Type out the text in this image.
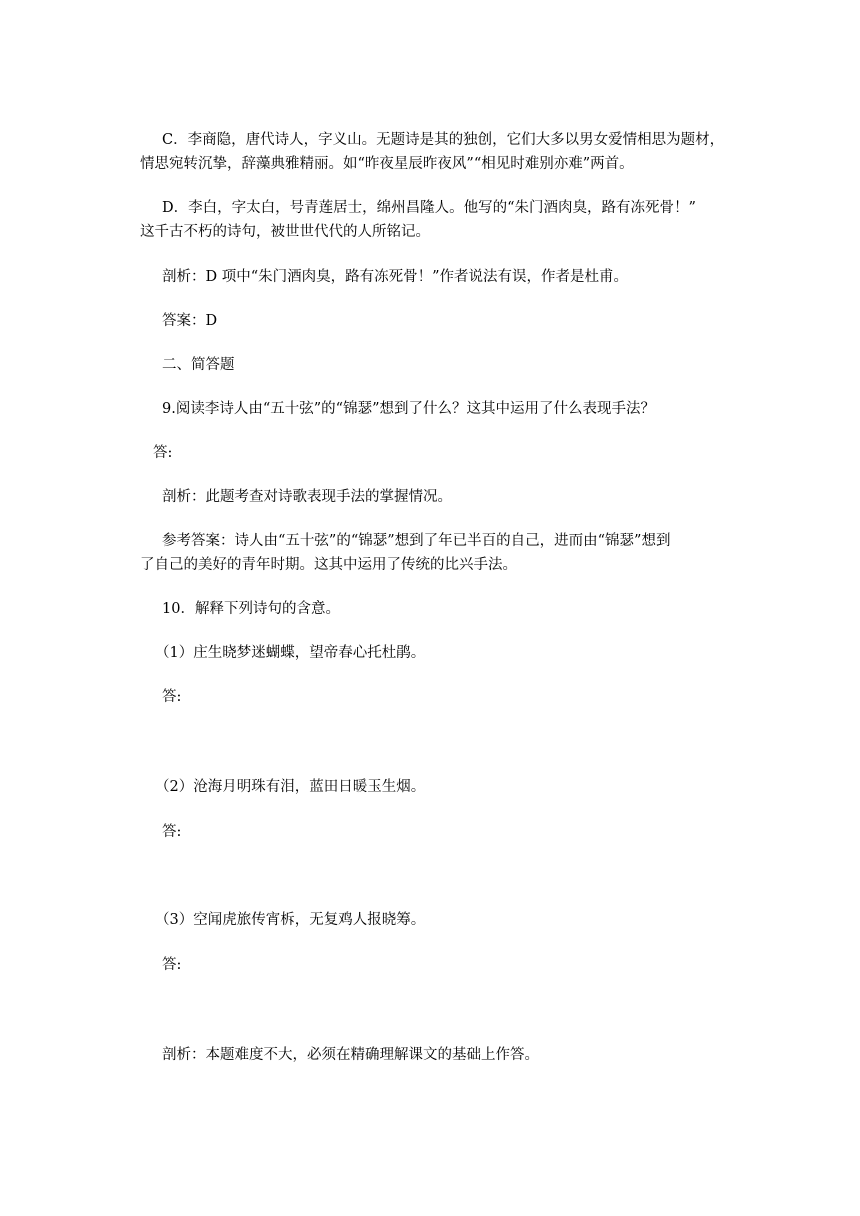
C．李商隐，唐代诗人，字义山。无题诗是其的独创，它们大多以男女爱情相思为题材，
情思宛转沉挚，辞藻典雅精丽。如“昨夜星辰昨夜风”“相见时难别亦难”两首。
D．李白，字太白，号青莲居士，绵州昌隆人。他写的“朱门酒肉臭，路有冻死骨！”
这千古不朽的诗句，被世世代代的人所铭记。
剖析：D 项中“朱门酒肉臭，路有冻死骨！”作者说法有误，作者是杜甫。
答案：D
二、简答题
9.阅读李诗人由“五十弦”的“锦瑟”想到了什么？这其中运用了什么表现手法？
答:
剖析：此题考查对诗歌表现手法的掌握情况。
参考答案：诗人由“五十弦”的“锦瑟”想到了年已半百的自己，进而由“锦瑟”想到
了自己的美好的青年时期。这其中运用了传统的比兴手法。
10．解释下列诗句的含意。
（1）庄生晓梦迷蝴蝶，望帝春心托杜鹃。
答:
（2）沧海月明珠有泪，蓝田日暖玉生烟。
答:
（3）空闻虎旅传宵柝，无复鸡人报晓筹。
答:
剖析：本题难度不大，必须在精确理解课文的基础上作答。
